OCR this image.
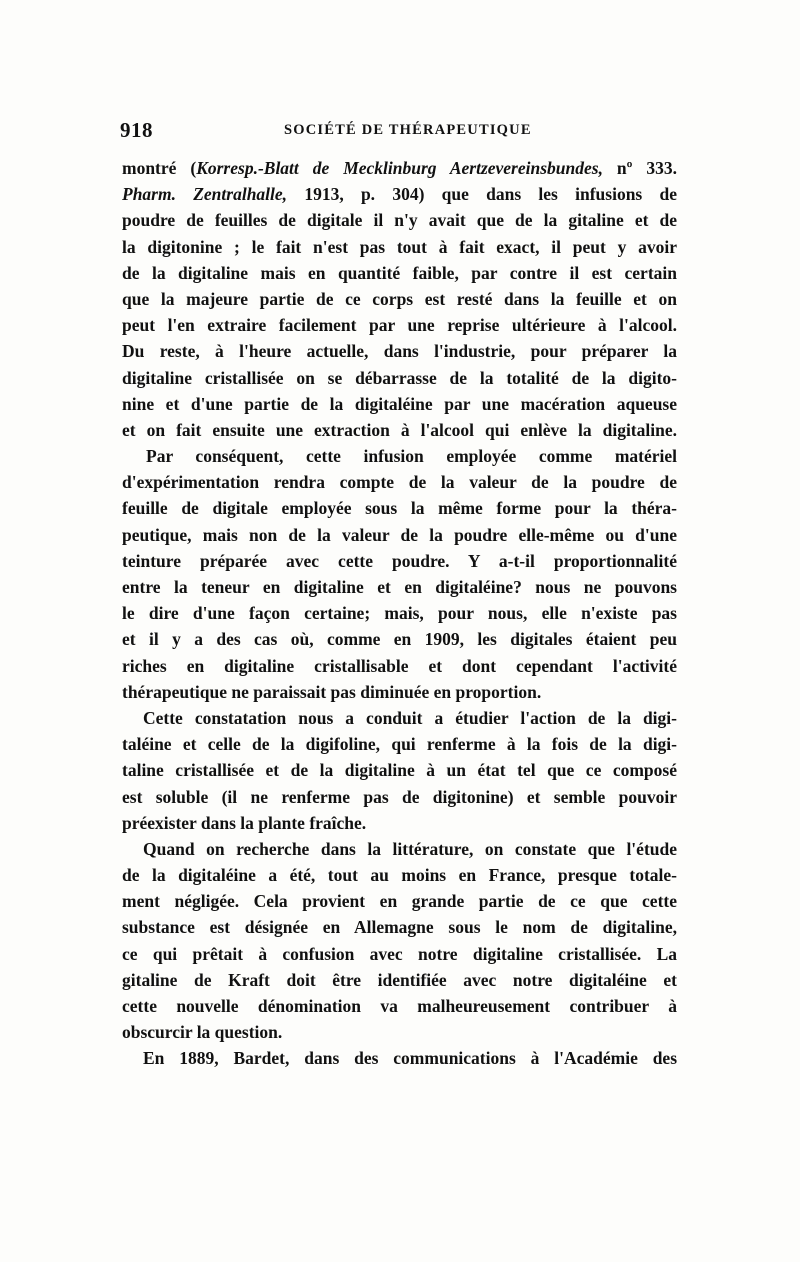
918	SOCIÉTÉ DE THÉRAPEUTIQUE
montré (Korresp.-Blatt de Mecklinburg Aertzevereinsbundes, nº 333.
Pharm. Zentralhalle, 1913, p. 304) que dans les infusions de
poudre de feuilles de digitale il n'y avait que de la gitaline et de
la digitonine ; le fait n'est pas tout à fait exact, il peut y avoir
de la digitaline mais en quantité faible, par contre il est certain
que la majeure partie de ce corps est resté dans la feuille et on
peut l'en extraire facilement par une reprise ultérieure à l'alcool.
Du reste, à l'heure actuelle, dans l'industrie, pour préparer la
digitaline cristallisée on se débarrasse de la totalité de la digito-
nine et d'une partie de la digitaléine par une macération aqueuse
et on fait ensuite une extraction à l'alcool qui enlève la digitaline.
Par conséquent, cette infusion employée comme matériel
d'expérimentation rendra compte de la valeur de la poudre de
feuille de digitale employée sous la même forme pour la théra-
peutique, mais non de la valeur de la poudre elle-même ou d'une
teinture préparée avec cette poudre. Y a-t-il proportionnalité
entre la teneur en digitaline et en digitaléine? nous ne pouvons
le dire d'une façon certaine; mais, pour nous, elle n'existe pas
et il y a des cas où, comme en 1909, les digitales étaient peu
riches en digitaline cristallisable et dont cependant l'activité
thérapeutique ne paraissait pas diminuée en proportion.
Cette constatation nous a conduit a étudier l'action de la digi-
taléine et celle de la digifoline, qui renferme à la fois de la digi-
taline cristallisée et de la digitaline à un état tel que ce composé
est soluble (il ne renferme pas de digitonine) et semble pouvoir
préexister dans la plante fraîche.
Quand on recherche dans la littérature, on constate que l'étude
de la digitaléine a été, tout au moins en France, presque totale-
ment négligée. Cela provient en grande partie de ce que cette
substance est désignée en Allemagne sous le nom de digitaline,
ce qui prêtait à confusion avec notre digitaline cristallisée. La
gitaline de Kraft doit être identifiée avec notre digitaléine et
cette nouvelle dénomination va malheureusement contribuer à
obscurcir la question.
En 1889, Bardet, dans des communications à l'Académie des
